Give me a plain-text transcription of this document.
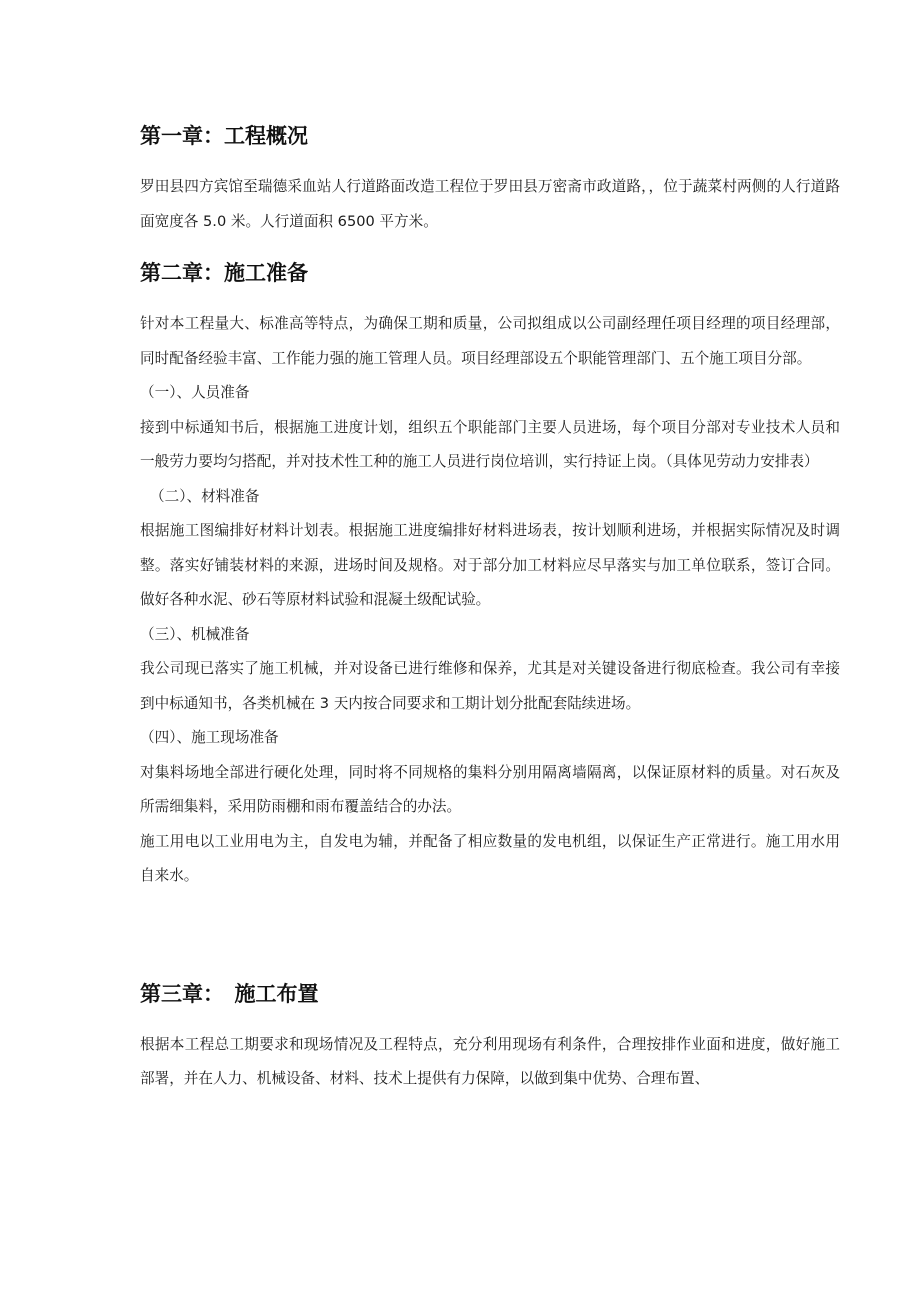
第一章：工程概况

罗田县四方宾馆至瑞德采血站人行道路面改造工程位于罗田县万密斋市政道路，，位于蔬菜村两侧的人行道路面宽度各 5.0 米。人行道面积 6500 平方米。

第二章：施工准备

针对本工程量大、标准高等特点，为确保工期和质量，公司拟组成以公司副经理任项目经理的项目经理部，同时配备经验丰富、工作能力强的施工管理人员。项目经理部设五个职能管理部门、五个施工项目分部。

（一）、人员准备

接到中标通知书后，根据施工进度计划，组织五个职能部门主要人员进场，每个项目分部对专业技术人员和一般劳力要均匀搭配，并对技术性工种的施工人员进行岗位培训，实行持证上岗。（具体见劳动力安排表）

（二）、材料准备

根据施工图编排好材料计划表。根据施工进度编排好材料进场表，按计划顺利进场，并根据实际情况及时调整。落实好铺装材料的来源，进场时间及规格。对于部分加工材料应尽早落实与加工单位联系，签订合同。做好各种水泥、砂石等原材料试验和混凝土级配试验。

（三）、机械准备

我公司现已落实了施工机械，并对设备已进行维修和保养，尤其是对关键设备进行彻底检查。我公司有幸接到中标通知书，各类机械在 3 天内按合同要求和工期计划分批配套陆续进场。

（四）、施工现场准备

对集料场地全部进行硬化处理，同时将不同规格的集料分别用隔离墙隔离，以保证原材料的质量。对石灰及所需细集料，采用防雨棚和雨布覆盖结合的办法。

施工用电以工业用电为主，自发电为辅，并配备了相应数量的发电机组，以保证生产正常进行。施工用水用自来水。

第三章：　施工布置

根据本工程总工期要求和现场情况及工程特点，充分利用现场有利条件，合理按排作业面和进度，做好施工部署，并在人力、机械设备、材料、技术上提供有力保障，以做到集中优势、合理布置、
